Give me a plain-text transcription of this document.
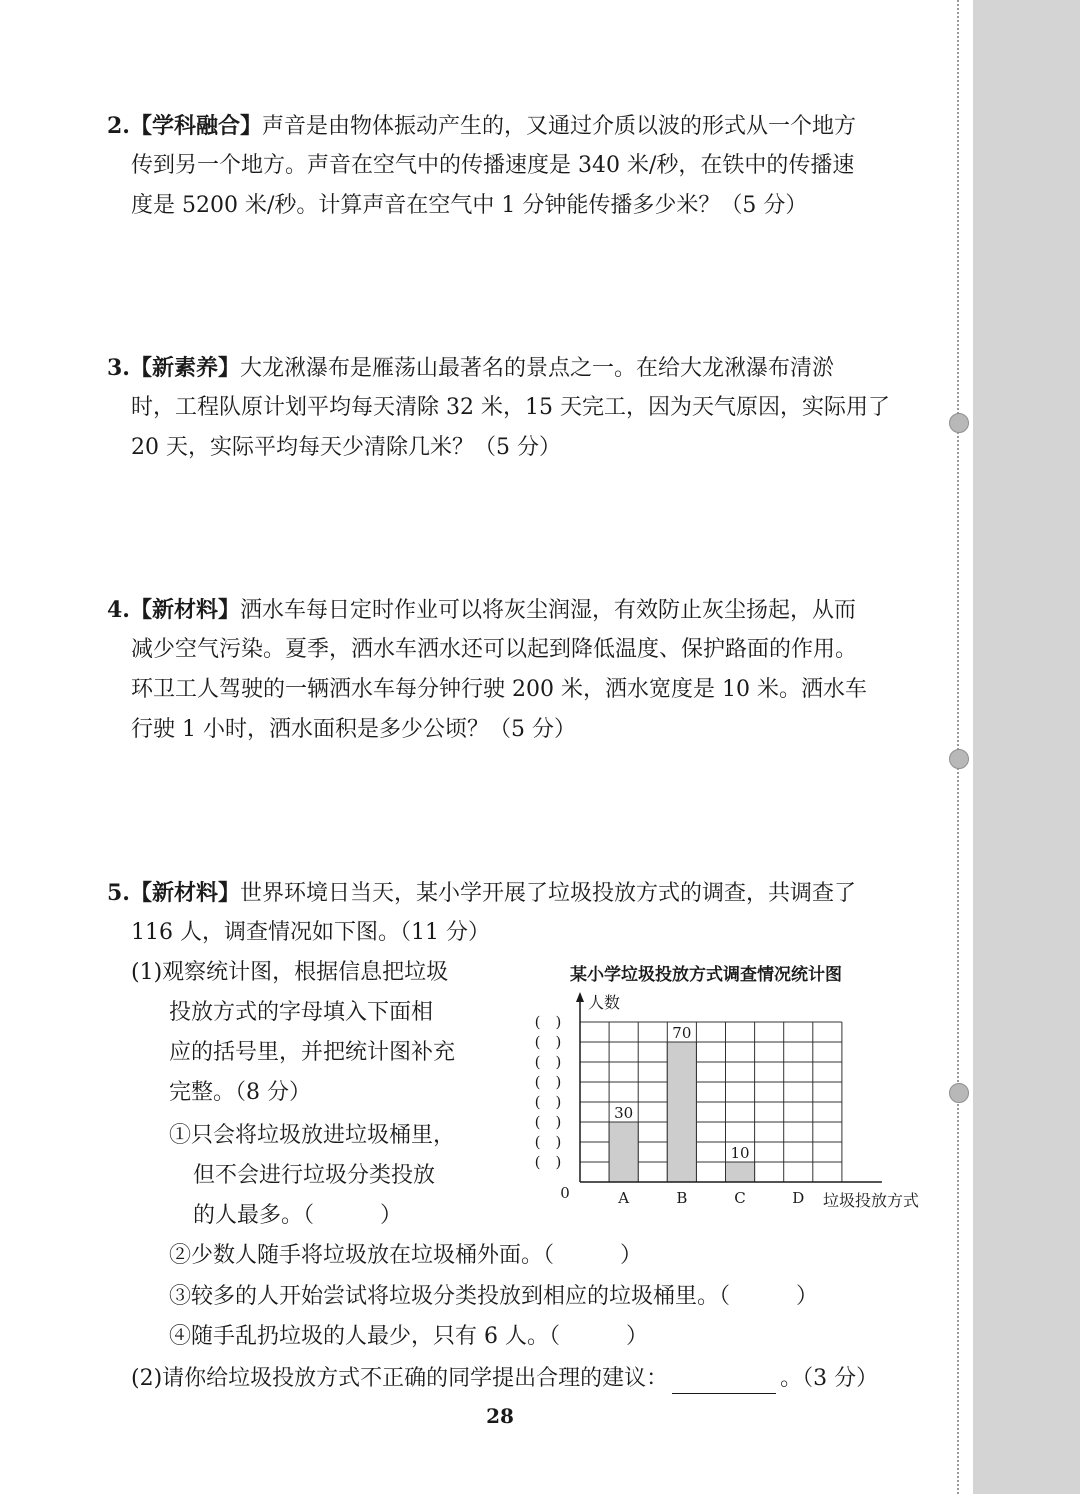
2.【学科融合】声音是由物体振动产生的，又通过介质以波的形式从一个地方
传到另一个地方。声音在空气中的传播速度是 340 米/秒，在铁中的传播速
度是 5200 米/秒。计算声音在空气中 1 分钟能传播多少米？（5 分）
3.【新素养】大龙湫瀑布是雁荡山最著名的景点之一。在给大龙湫瀑布清淤
时，工程队原计划平均每天清除 32 米，15 天完工，因为天气原因，实际用了
20 天，实际平均每天少清除几米？（5 分）
4.【新材料】洒水车每日定时作业可以将灰尘润湿，有效防止灰尘扬起，从而
减少空气污染。夏季，洒水车洒水还可以起到降低温度、保护路面的作用。
环卫工人驾驶的一辆洒水车每分钟行驶 200 米，洒水宽度是 10 米。洒水车
行驶 1 小时，洒水面积是多少公顷？（5 分）
5.【新材料】世界环境日当天，某小学开展了垃圾投放方式的调查，共调查了
116 人，调查情况如下图。（11 分）
(1)观察统计图，根据信息把垃圾
投放方式的字母填入下面相
应的括号里，并把统计图补充
完整。（8 分）
①只会将垃圾放进垃圾桶里，
但不会进行垃圾分类投放
的人最多。（　　　）
②少数人随手将垃圾放在垃圾桶外面。（　　　）
③较多的人开始尝试将垃圾分类投放到相应的垃圾桶里。（　　　）
④随手乱扔垃圾的人最少，只有 6 人。（　　　）
(2)请你给垃圾投放方式不正确的同学提出合理的建议：	。（3 分）
某小学垃圾投放方式调查情况统计图
30
A
70
B
10
C	D
人数
垃圾投放方式
0
(　)
(　)
(　)
(　)
(　)
(　)
(　)
(　)
28
